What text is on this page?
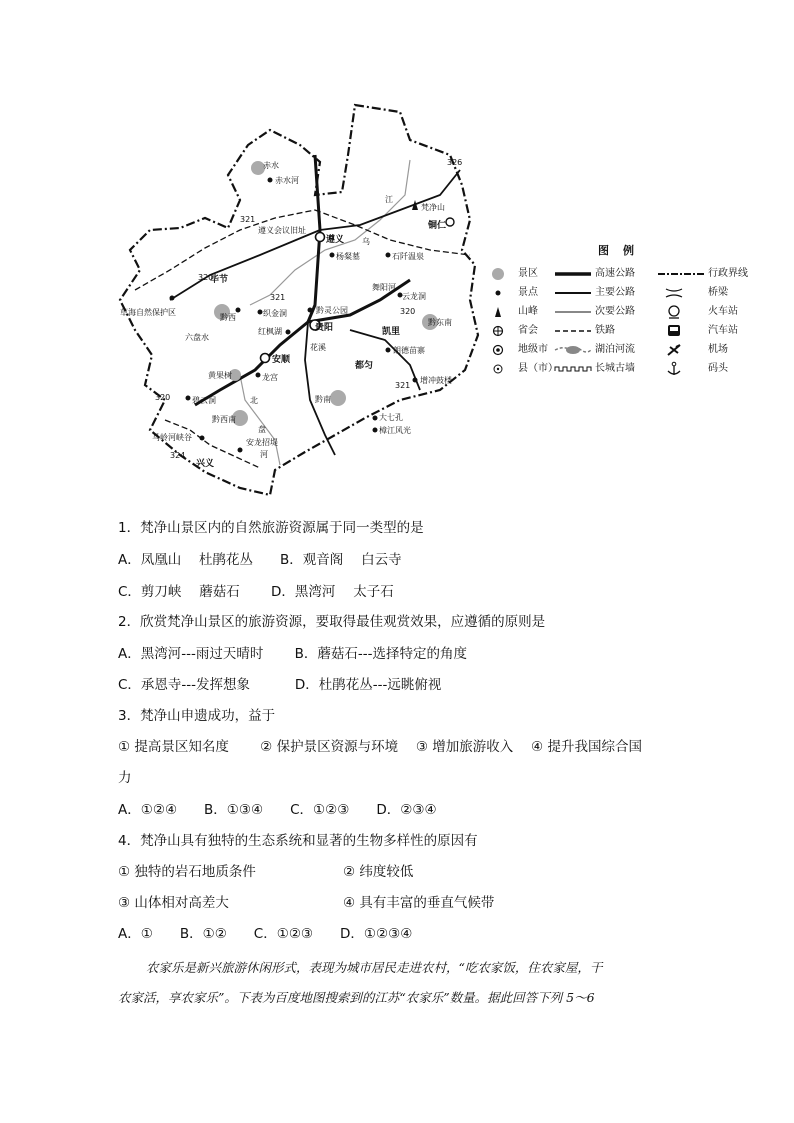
赤水
赤水河
梵净山
铜仁
江
遵义会议旧址
遵义 乌
杨粲墓	石阡温泉
毕节
草海自然保护区
黔西	织金洞	黔灵公园
舞阳河
云龙洞
红枫湖	贵阳	凯里
黔东南
六盘水
安顺
花溪
都匀
朗德苗寨
黄果树	龙宫	增冲鼓楼
碧云洞	北	黔南
黔西南	大七孔
樟江风光
盘
马岭河峡谷
安龙招堤
河
兴义
326
321
320
321
320
321
320
324
图例
景区
景点
山峰
省会
地级市
县（市）
高速公路
主要公路
次要公路
铁路
湖泊河流
长城古墙
行政界线
桥梁
火车站
汽车站
机场
码头
1．梵净山景区内的自然旅游资源属于同一类型的是
A．凤凰山　 杜鹃花丛　　B．观音阁　 白云寺
C．剪刀峡　 蘑菇石　　 D．黑湾河　 太子石
2．欣赏梵净山景区的旅游资源，要取得最佳观赏效果，应遵循的原则是
A．黑湾河---雨过天晴时　　 B．蘑菇石---选择特定的角度
C．承恩寺---发挥想象　　　 D．杜鹃花丛---远眺俯视
3．梵净山申遗成功，益于
① 提高景区知名度　　 ② 保护景区资源与环境　 ③ 增加旅游收入　 ④ 提升我国综合国
力
A．①②④　　B．①③④　　C．①②③　　D．②③④
4．梵净山具有独特的生态系统和显著的生物多样性的原因有
① 独特的岩石地质条件	② 纬度较低
③ 山体相对高差大	④ 具有丰富的垂直气候带
A．①　　B．①②　　C．①②③　　D．①②③④
农家乐是新兴旅游休闲形式，表现为城市居民走进农村，“吃农家饭，住农家屋，干
农家活，享农家乐”。下表为百度地图搜索到的江苏“农家乐”数量。据此回答下列 5～6
